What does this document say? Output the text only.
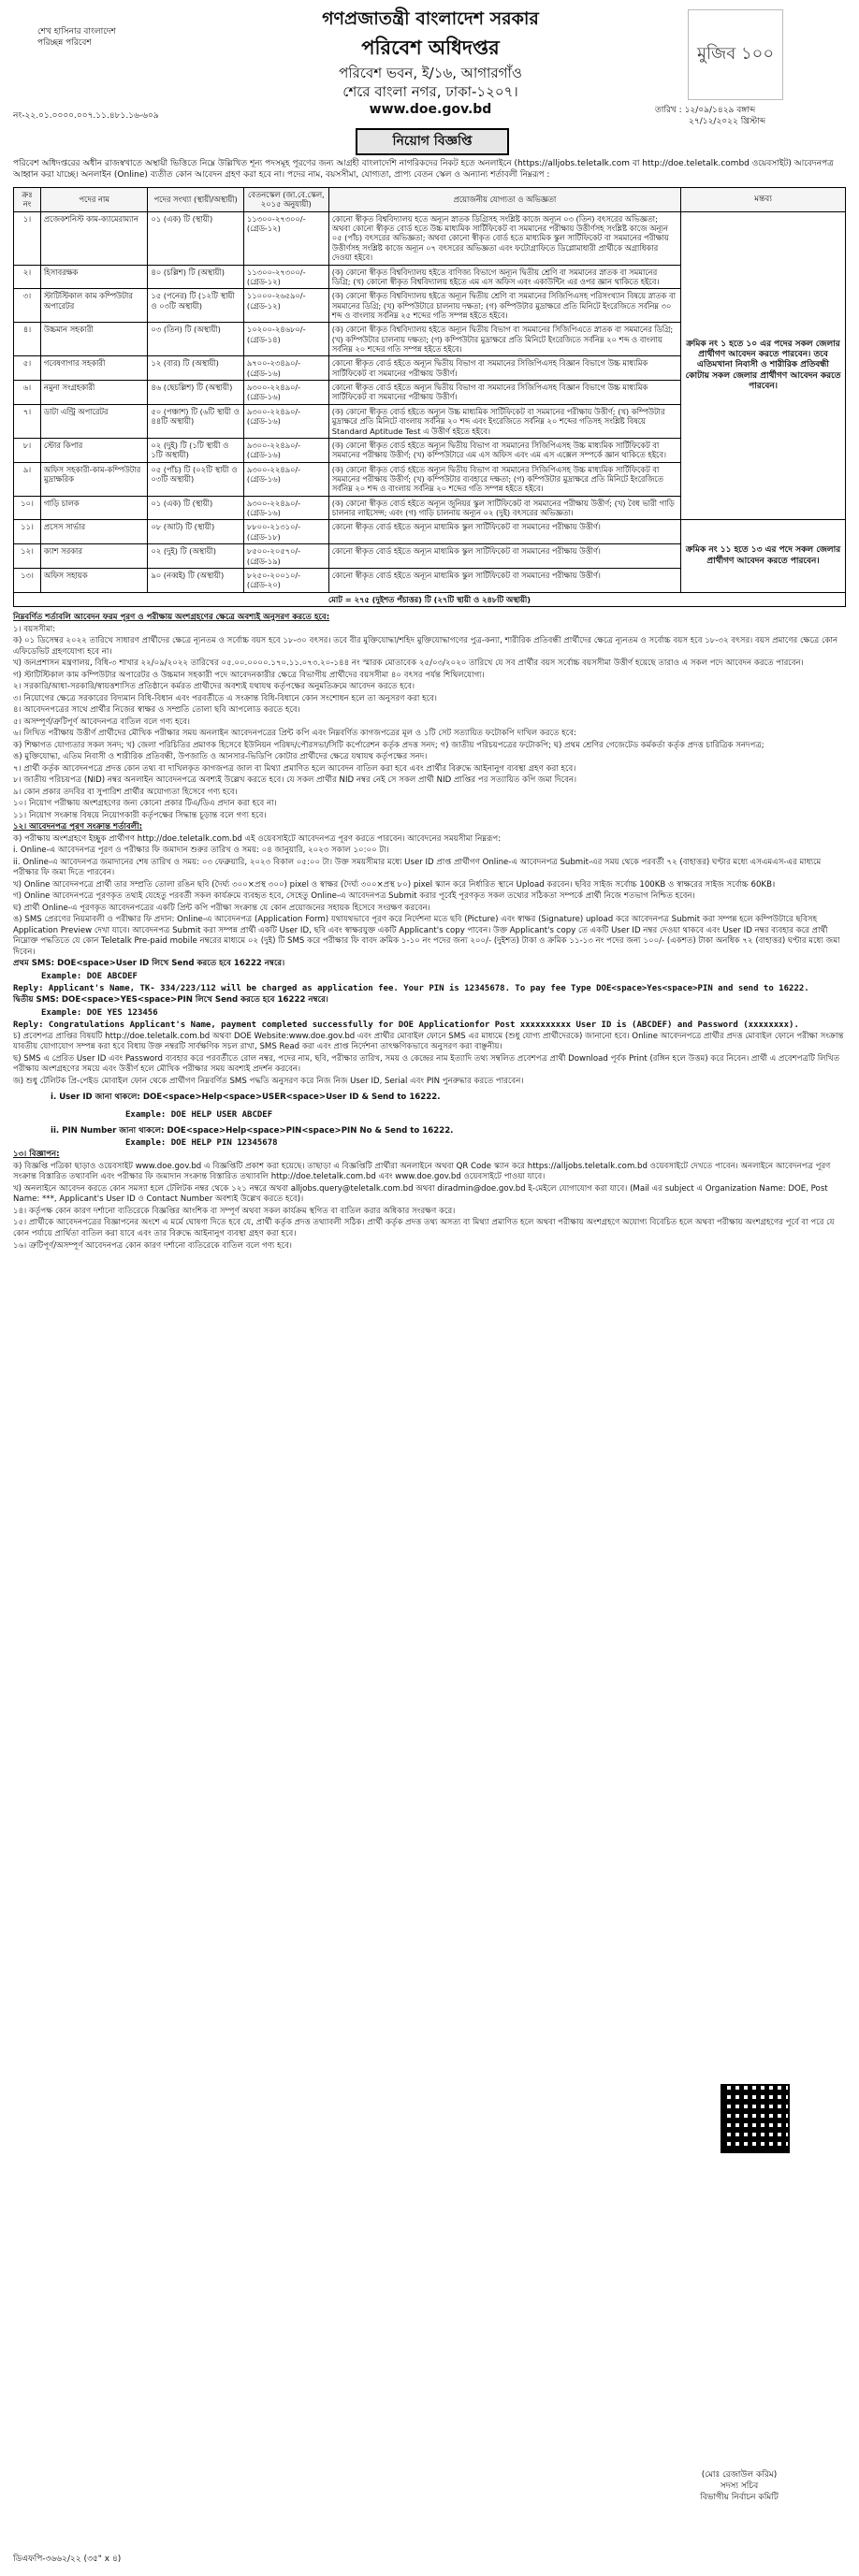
শেখ হাসিনার বাংলাদেশ পরিচ্ছন্ন পরিবেশ
গণপ্রজাতন্ত্রী বাংলাদেশ সরকার
পরিবেশ অধিদপ্তর
পরিবেশ ভবন, ই/১৬, আগারগাঁও
শেরে বাংলা নগর, ঢাকা-১২০৭।
www.doe.gov.bd
মুজিব ১০০
নং-২২.০১.০০০০.০০৭.১১.৪৮১.১৬-৬০৯
তারিখ :
১২/০৯/১৪২৯ বঙ্গাব্দ
২৭/১২/২০২২ খ্রিস্টাব্দ
নিয়োগ বিজ্ঞপ্তি
পরিবেশ অধিদপ্তরের অধীন রাজস্বখাতে অস্থায়ী ভিত্তিতে নিম্নে উল্লিখিত শূন্য পদসমূহ পূরণের জন্য আগ্রহী বাংলাদেশি নাগরিকদের নিকট হতে অনলাইনে (https://alljobs.teletalk.com বা http://doe.teletalk.combd ওয়েবসাইট) আবেদনপত্র আহ্বান করা যাচ্ছে। অনলাইন (Online) ব্যতীত কোন আবেদন গ্রহণ করা হবে না। পদের নাম, বয়সসীমা, যোগ্যতা, প্রাপ্য বেতন স্কেল ও অন্যান্য শর্তাবলী নিম্নরূপ :
ক্রঃ নং	পদের নাম	পদের সংখ্যা (স্থায়ী/অস্থায়ী)	বেতনস্কেল (জা.বে.স্কেল, ২০১৫ অনুযায়ী)	প্রয়োজনীয় যোগ্যতা ও অভিজ্ঞতা	মন্তব্য
১।	প্রজেকশনিস্ট কাম-ক্যামেরাম্যান	০১ (এক) টি (স্থায়ী)	১১৩০০-২৭৩০০/-(গ্রেড-১২)	কোনো স্বীকৃত বিশ্ববিদ্যালয় হতে অন্যূন স্নাতক ডিগ্রিসহ সংশ্লিষ্ট কাজে অন্যূন ০৩ (তিন) বৎসরের অভিজ্ঞতা; অথবা কোনো স্বীকৃত বোর্ড হতে উচ্চ মাধ্যমিক সার্টিফিকেট বা সমমানের পরীক্ষায় উত্তীর্ণসহ সংশ্লিষ্ট কাজে অন্যূন ০৫ (পাঁচ) বৎসরের অভিজ্ঞতা; অথবা কোনো স্বীকৃত বোর্ড হতে মাধ্যমিক স্কুল সার্টিফিকেট বা সমমানের পরীক্ষায় উত্তীর্ণসহ সংশ্লিষ্ট কাজে অন্যূন ০৭ বৎসরের অভিজ্ঞতা এবং ফটোগ্রাফিতে ডিপ্লোমাধারী প্রার্থীকে অগ্রাধিকার দেওয়া হইবে।	ক্রমিক নং ১ হতে ১০ এর পদের সকল জেলার প্রার্থীগণ আবেদন করতে পারবেন। তবে এতিমখানা নিবাসী ও শারীরিক প্রতিবন্ধী কোটায় সকল জেলার প্রার্থীগণ আবেদন করতে পারবেন।
২।	হিসাবরক্ষক	৪০ (চল্লিশ) টি (অস্থায়ী)	১১৩০০-২৭৩০০/-(গ্রেড-১২)	(ক) কোনো স্বীকৃত বিশ্ববিদ্যালয় হইতে বাণিজ্য বিভাগে অন্যূন দ্বিতীয় শ্রেণি বা সমমানের স্নাতক বা সমমানের ডিগ্রি; (খ) কোনো স্বীকৃত বিশ্ববিদ্যালয় হইতে এম এস অফিস এবং একাউন্টিং এর ওপর জ্ঞান থাকিতে হইবে।	
৩।	স্টাটিস্টিকাল কাম কম্পিউটার অপারেটর	১৫ (পনের) টি (১২টি স্থায়ী ও ০৩টি অস্থায়ী)	১১০০০-২৬৫৯০/-(গ্রেড-১২)	(ক) কোনো স্বীকৃত বিশ্ববিদ্যালয় হইতে অন্যূন দ্বিতীয় শ্রেণি বা সমমানের সিজিপিএসহ পরিসংখ্যান বিষয়ে স্নাতক বা সমমানের ডিগ্রি; (খ) কম্পিউটারে চালনায় দক্ষতা; (গ) কম্পিউটার মুদ্রাক্ষরে প্রতি মিনিটে ইংরেজিতে সর্বনিম্ন ৩০ শব্দ ও বাংলায় সর্বনিম্ন ২৫ শব্দের গতি সম্পন্ন হইতে হইবে।	
৪।	উচ্চমান সহকারী	০৩ (তিন) টি (অস্থায়ী)	১০২০০-২৪৬৮০/-(গ্রেড-১৪)	(ক) কোনো স্বীকৃত বিশ্ববিদ্যালয় হইতে অন্যূন দ্বিতীয় বিভাগ বা সমমানের সিজিপিএতে স্নাতক বা সমমানের ডিগ্রি; (খ) কম্পিউটার চালনায় দক্ষতা; (গ) কম্পিউটার মুদ্রাক্ষরে প্রতি মিনিটে ইংরেজিতে সর্বনিম্ন ২০ শব্দ ও বাংলায় সর্বনিম্ন ২০ শব্দের গতি সম্পন্ন হইতে হইবে।	
৫।	গবেষণাগার সহকারী	১২ (বার) টি (অস্থায়ী)	৯৭০০-২৩৪৯০/-(গ্রেড-১৬)	কোনো স্বীকৃত বোর্ড হইতে অন্যূন দ্বিতীয় বিভাগ বা সমমানের সিজিপিএসহ বিজ্ঞান বিভাগে উচ্চ মাধ্যমিক সার্টিফিকেট বা সমমানের পরীক্ষায় উত্তীর্ণ।	
৬।	নমুনা সংগ্রহকারী	৪৬ (ছেচল্লিশ) টি (অস্থায়ী)	৯৩০০-২২৪৯০/-(গ্রেড-১৬)	কোনো স্বীকৃত বোর্ড হইতে অন্যূন দ্বিতীয় বিভাগ বা সমমানের সিজিপিএসহ বিজ্ঞান বিভাগে উচ্চ মাধ্যমিক সার্টিফিকেট বা সমমানের পরীক্ষায় উত্তীর্ণ।	
৭।	ডাটা এন্ট্রি অপারেটর	৫০ (পঞ্চাশ) টি (৬টি স্থায়ী ও ৪৪টি অস্থায়ী)	৯৩০০-২২৪৯০/-(গ্রেড-১৬)	(ক) কোনো স্বীকৃত বোর্ড হইতে অন্যূন উচ্চ মাধ্যমিক সার্টিফিকেট বা সমমানের পরীক্ষায় উত্তীর্ণ; (খ) কম্পিউটার মুদ্রাক্ষরে প্রতি মিনিটে বাংলায় সর্বনিম্ন ২০ শব্দ এবং ইংরেজিতে সর্বনিম্ন ২০ শব্দের গতিসহ সংশ্লিষ্ট বিষয়ে Standard Aptitude Test এ উত্তীর্ণ হইতে হইবে।	
৮।	স্টোর কিপার	০২ (দুই) টি (১টি স্থায়ী ও ১টি অস্থায়ী)	৯৩০০-২২৪৯০/-(গ্রেড-১৬)	(ক) কোনো স্বীকৃত বোর্ড হইতে অন্যূন দ্বিতীয় বিভাগ বা সমমানের সিজিপিএসহ উচ্চ মাধ্যমিক সার্টিফিকেট বা সমমানের পরীক্ষায় উত্তীর্ণ; (খ) কম্পিউটারে এম এস অফিস এবং এম এস এক্সেল সম্পর্কে জ্ঞান থাকিতে হইবে।	
৯।	অফিস সহকারী-কাম-কম্পিউটার মুদ্রাক্ষরিক	০৫ (পাঁচ) টি (০২টি স্থায়ী ও ০৩টি অস্থায়ী)	৯৩০০-২২৪৯০/-(গ্রেড-১৬)	(ক) কোনো স্বীকৃত বোর্ড হইতে অন্যূন দ্বিতীয় বিভাগ বা সমমানের সিজিপিএসহ উচ্চ মাধ্যমিক সার্টিফিকেট বা সমমানের পরীক্ষায় উত্তীর্ণ; (খ) কম্পিউটার ব্যবহারে দক্ষতা; (গ) কম্পিউটার মুদ্রাক্ষরে প্রতি মিনিটে ইংরেজিতে সর্বনিম্ন ২০ শব্দ ও বাংলায় সর্বনিম্ন ২০ শব্দের গতি সম্পন্ন হইতে হইবে।	
১০।	গাড়ি চালক	০১ (এক) টি (স্থায়ী)	৯৩০০-২২৪৯০/-(গ্রেড-১৬)	(ক) কোনো স্বীকৃত বোর্ড হইতে অন্যূন জুনিয়র স্কুল সার্টিফিকেট বা সমমানের পরীক্ষায় উত্তীর্ণ; (খ) বৈধ ভারী গাড়ি চালনার লাইসেন্স; এবং (গ) গাড়ি চালনায় অন্যূন ০২ (দুই) বৎসরের অভিজ্ঞতা।	
১১।	প্রসেস সার্ভার	০৮ (আট) টি (স্থায়ী)	৮৮০০-২১৩১০/-(গ্রেড-১৮)	কোনো স্বীকৃত বোর্ড হইতে অন্যূন মাধ্যমিক স্কুল সার্টিফিকেট বা সমমানের পরীক্ষায় উত্তীর্ণ।	ক্রমিক নং ১১ হতে ১৩ এর পদে সকল জেলার প্রার্থীগণ আবেদন করতে পারবেন।
১২।	ক্যাশ সরকার	০২ (দুই) টি (অস্থায়ী)	৮৫০০-২০৫৭০/-(গ্রেড-১৯)	কোনো স্বীকৃত বোর্ড হইতে অন্যূন মাধ্যমিক স্কুল সার্টিফিকেট বা সমমানের পরীক্ষায় উত্তীর্ণ।	
১৩।	অফিস সহায়ক	৯০ (নব্বই) টি (অস্থায়ী)	৮২৫০-২০০১০/-(গ্রেড-২০)	কোনো স্বীকৃত বোর্ড হইতে অন্যূন মাধ্যমিক স্কুল সার্টিফিকেট বা সমমানের পরীক্ষায় উত্তীর্ণ।	
মোট = ২৭৫ (দুইশত পঁচাত্তর) টি (২৭টি স্থায়ী ও ২৪৮টি অস্থায়ী)					

নিম্নবর্ণিত শর্তাবলি আবেদন ফরম পূরণ ও পরীক্ষায় অংশগ্রহণের ক্ষেত্রে অবশ্যই অনুসরণ করতে হবে:

১। বয়সসীমা:

ক) ০১ ডিসেম্বর ২০২২ তারিখে সাধারণ প্রার্থীদের ক্ষেত্রে ন্যূনতম ও সর্বোচ্চ বয়স হবে ১৮-৩০ বৎসর। তবে বীর মুক্তিযোদ্ধা/শহিদ মুক্তিযোদ্ধাগণের পুত্র-কন্যা, শারীরিক প্রতিবন্ধী প্রার্থীদের ক্ষেত্রে ন্যূনতম ও সর্বোচ্চ বয়স হবে ১৮-৩২ বৎসর। বয়স প্রমাণের ক্ষেত্রে কোন এফিডেভিট গ্রহণযোগ্য হবে না।

খ) জনপ্রশাসন মন্ত্রণালয়, বিধি-৩ শাখার ২২/০৯/২০২২ তারিখের ০৫.০০.০০০০.১৭০.১১.০৭৩.২০-১৪৪ নং স্মারক মোতাবেক ২৫/০৩/২০২০ তারিখে যে সব প্রার্থীর বয়স সর্বোচ্চ বয়সসীমা উত্তীর্ণ হয়েছে তারাও এ সকল পদে আবেদন করতে পারবেন।

গ) স্টাটিস্টিকাল কাম কম্পিউটার অপারেটর ও উচ্চমান সহকারী পদে আবেদনকারীর ক্ষেত্রে বিভাগীয় প্রার্থীদের বয়সসীমা ৪০ বৎসর পর্যন্ত শিথিলযোগ্য।

২। সরকারি/আধা-সরকারি/স্বায়ত্তশাসিত প্রতিষ্ঠানে কর্মরত প্রার্থীদের অবশ্যই যথাযথ কর্তৃপক্ষের অনুমতিক্রমে আবেদন করতে হবে।

৩। নিয়োগের ক্ষেত্রে সরকারের বিদ্যমান বিধি-বিধান এবং পরবর্তীতে এ সংক্রান্ত বিধি-বিধানে কোন সংশোধন হলে তা অনুসরণ করা হবে।

৪। আবেদনপত্রের সাথে প্রার্থীর নিজের স্বাক্ষর ও সম্প্রতি তোলা ছবি আপলোড করতে হবে।

৫। অসম্পূর্ণ/ত্রুটিপূর্ণ আবেদনপত্র বাতিল বলে গণ্য হবে।

৬। লিখিত পরীক্ষায় উত্তীর্ণ প্রার্থীদের মৌখিক পরীক্ষার সময় অনলাইন আবেদনপত্রের প্রিন্ট কপি এবং নিম্নবর্ণিত কাগজপত্রের মূল ও ১টি সেট সত্যায়িত ফটোকপি দাখিল করতে হবে:

ক) শিক্ষাগত যোগ্যতার সকল সনদ; খ) জেলা পরিচিতির প্রমাণক হিসেবে ইউনিয়ন পরিষদ/পৌরসভা/সিটি কর্পোরেশন কর্তৃক প্রদত্ত সনদ; গ) জাতীয় পরিচয়পত্রের ফটোকপি; ঘ) প্রথম শ্রেণির গেজেটেড কর্মকর্তা কর্তৃক প্রদত্ত চারিত্রিক সনদপত্র;

ঙ) মুক্তিযোদ্ধা, এতিম নিবাসী ও শারীরিক প্রতিবন্ধী, উপজাতি ও আনসার-ভিডিপি কোটার প্রার্থীদের ক্ষেত্রে যথাযথ কর্তৃপক্ষের সনদ।

৭। প্রার্থী কর্তৃক আবেদনপত্রে প্রদত্ত কোন তথ্য বা দাখিলকৃত কাগজপত্র জাল বা মিথ্যা প্রমাণিত হলে আবেদন বাতিল করা হবে এবং প্রার্থীর বিরুদ্ধে আইনানুগ ব্যবস্থা গ্রহণ করা হবে।

৮। জাতীয় পরিচয়পত্র (NID) নম্বর অনলাইন আবেদনপত্রে অবশ্যই উল্লেখ করতে হবে। যে সকল প্রার্থীর NID নম্বর নেই সে সকল প্রার্থী NID প্রাপ্তির পর সত্যায়িত কপি জমা দিবেন।

৯। কোন প্রকার তদবির বা সুপারিশ প্রার্থীর অযোগ্যতা হিসেবে গণ্য হবে।

১০। নিয়োগ পরীক্ষায় অংশগ্রহণের জন্য কোনো প্রকার টিএ/ডিএ প্রদান করা হবে না।

১১। নিয়োগ সংক্রান্ত বিষয়ে নিয়োগকারী কর্তৃপক্ষের সিদ্ধান্ত চূড়ান্ত বলে গণ্য হবে।

১২। আবেদনপত্র পূরণ সংক্রান্ত শর্তাবলী:

ক) পরীক্ষায় অংশগ্রহণে ইচ্ছুক প্রার্থীগণ http://doe.teletalk.com.bd এই ওয়েবসাইটে আবেদনপত্র পূরণ করতে পারবেন। আবেদনের সময়সীমা নিম্নরূপ:

i. Online-এ আবেদনপত্র পূরণ ও পরীক্ষার ফি জমাদান শুরুর তারিখ ও সময়: ০৪ জানুয়ারি, ২০২৩ সকাল ১০:০০ টা।

ii. Online-এ আবেদনপত্র জমাদানের শেষ তারিখ ও সময়: ০৩ ফেব্রুয়ারি, ২০২৩ বিকাল ০৫:০০ টা। উক্ত সময়সীমার মধ্যে User ID প্রাপ্ত প্রার্থীগণ Online-এ আবেদনপত্র Submit-এর সময় থেকে পরবর্তী ৭২ (বাহাত্তর) ঘণ্টার মধ্যে এসএমএস-এর মাধ্যমে পরীক্ষার ফি জমা দিতে পারবেন।

খ) Online আবেদনপত্রে প্রার্থী তার সম্প্রতি তোলা রঙিন ছবি (দৈর্ঘ্য ৩০০×প্রস্থ ৩০০) pixel ও স্বাক্ষর (দৈর্ঘ্য ৩০০×প্রস্থ ৮০) pixel স্ক্যান করে নির্ধারিত স্থানে Upload করবেন। ছবির সাইজ সর্বোচ্চ 100KB ও স্বাক্ষরের সাইজ সর্বোচ্চ 60KB।

গ) Online আবেদনপত্রে পূরণকৃত তথ্যই যেহেতু পরবর্তী সকল কার্যক্রমে ব্যবহৃত হবে, সেহেতু Online-এ আবেদনপত্র Submit করার পূর্বেই পূরণকৃত সকল তথ্যের সঠিকতা সম্পর্কে প্রার্থী নিজে শতভাগ নিশ্চিত হবেন।

ঘ) প্রার্থী Online-এ পূরণকৃত আবেদনপত্রের একটি প্রিন্ট কপি পরীক্ষা সংক্রান্ত যে কোন প্রয়োজনের সহায়ক হিসেবে সংরক্ষণ করবেন।

ঙ) SMS প্রেরণের নিয়মাবলী ও পরীক্ষার ফি প্রদান: Online-এ আবেদনপত্র (Application Form) যথাযথভাবে পূরণ করে নির্দেশনা মতে ছবি (Picture) এবং স্বাক্ষর (Signature) upload করে আবেদনপত্র Submit করা সম্পন্ন হলে কম্পিউটারে ছবিসহ Application Preview দেখা যাবে। আবেদনপত্র Submit করা সম্পন্ন প্রার্থী একটি User ID, ছবি এবং স্বাক্ষরযুক্ত একটি Applicant's copy পাবেন। উক্ত Applicant's copy তে একটি User ID নম্বর দেওয়া থাকবে এবং User ID নম্বর ব্যবহার করে প্রার্থী নিম্নোক্ত পদ্ধতিতে যে কোন Teletalk Pre-paid mobile নম্বরের মাধ্যমে ০২ (দুই) টি SMS করে পরীক্ষার ফি বাবদ ক্রমিক ১-১০ নং পদের জন্য ২০০/- (দুইশত) টাকা ও ক্রমিক ১১-১৩ নং পদের জন্য ১০০/- (একশত) টাকা অনধিক ৭২ (বাহাত্তর) ঘণ্টার মধ্যে জমা দিবেন।

প্রথম SMS: DOE<space>User ID লিখে Send করতে হবে 16222 নম্বরে।

Example: DOE ABCDEF

Reply: Applicant's Name, TK- 334/223/112 will be charged as application fee. Your PIN is 12345678. To pay fee Type DOE<space>Yes<space>PIN and send to 16222.

দ্বিতীয় SMS: DOE<space>YES<space>PIN লিখে Send করতে হবে 16222 নম্বরে।

Example: DOE YES 123456

Reply: Congratulations Applicant's Name, payment completed successfully for DOE Applicationfor Post xxxxxxxxxx User ID is (ABCDEF) and Password (xxxxxxxx).

চ) প্রবেশপত্র প্রাপ্তির বিষয়টি http://doe.teletalk.com.bd অথবা DOE Website:www.doe.gov.bd এবং প্রার্থীর মোবাইল ফোনে SMS এর মাধ্যমে (শুধু যোগ্য প্রার্থীদেরকে) জানানো হবে। Online আবেদনপত্রে প্রার্থীর প্রদত্ত মোবাইল ফোনে পরীক্ষা সংক্রান্ত যাবতীয় যোগাযোগ সম্পন্ন করা হবে বিধায় উক্ত নম্বরটি সার্বক্ষণিক সচল রাখা, SMS Read করা এবং প্রাপ্ত নির্দেশনা তাৎক্ষণিকভাবে অনুসরণ করা বাঞ্ছনীয়।

ছ) SMS এ প্রেরিত User ID এবং Password ব্যবহার করে পরবর্তীতে রোল নম্বর, পদের নাম, ছবি, পরীক্ষার তারিখ, সময় ও কেন্দ্রের নাম ইত্যাদি তথ্য সম্বলিত প্রবেশপত্র প্রার্থী Download পূর্বক Print (রঙ্গিন হলে উত্তম) করে নিবেন। প্রার্থী এ প্রবেশপত্রটি লিখিত পরীক্ষায় অংশগ্রহণের সময়ে এবং উত্তীর্ণ হলে মৌখিক পরীক্ষার সময় অবশ্যই প্রদর্শন করবেন।

জ) শুধু টেলিটক প্রি-পেইড মোবাইল ফোন থেকে প্রার্থীগণ নিম্নবর্ণিত SMS পদ্ধতি অনুসরণ করে নিজ নিজ User ID, Serial এবং PIN পুনরুদ্ধার করতে পারবেন।

i. User ID জানা থাকলে: DOE<space>Help<space>USER<space>User ID & Send to 16222.

Example: DOE HELP USER ABCDEF

ii. PIN Number জানা থাকলে: DOE<space>Help<space>PIN<space>PIN No & Send to 16222.

Example: DOE HELP PIN 12345678

১৩। বিজ্ঞাপন:

ক) বিজ্ঞপ্তি পত্রিকা ছাড়াও ওয়েবসাইট www.doe.gov.bd এ বিজ্ঞপ্তিটি প্রকাশ করা হয়েছে। তাছাড়া এ বিজ্ঞপ্তিটি প্রার্থীরা অনলাইনে অথবা QR Code স্ক্যান করে https://alljobs.teletalk.com.bd ওয়েবসাইটে দেখতে পাবেন। অনলাইনে আবেদনপত্র পূরণ সংক্রান্ত বিস্তারিত তথ্যাবলি এবং পরীক্ষার ফি জমাদান সংক্রান্ত বিস্তারিত তথ্যাবলি http://doe.teletalk.com.bd এবং www.doe.gov.bd ওয়েবসাইটে পাওয়া যাবে।

খ) অনলাইনে আবেদন করতে কোন সমস্যা হলে টেলিটক নম্বর থেকে ১২১ নম্বরে অথবা alljobs.query@teletalk.com.bd অথবা diradmin@doe.gov.bd ই-মেইলে যোগাযোগ করা যাবে। (Mail এর subject এ Organization Name: DOE, Post Name: ***, Applicant's User ID ও Contact Number অবশ্যই উল্লেখ করতে হবে)।

১৪। কর্তৃপক্ষ কোন কারণ দর্শানো ব্যতিরেকে বিজ্ঞপ্তির আংশিক বা সম্পূর্ণ অথবা সকল কার্যক্রম স্থগিত বা বাতিল করার অধিকার সংরক্ষণ করে।

১৫। প্রার্থীকে আবেদনপত্রের বিজ্ঞাপনের অংশে এ মর্মে ঘোষণা দিতে হবে যে, প্রার্থী কর্তৃক প্রদত্ত তথ্যাবলী সঠিক। প্রার্থী কর্তৃক প্রদত্ত তথ্য অসত্য বা মিথ্যা প্রমাণিত হলে অথবা পরীক্ষায় অংশগ্রহণে অযোগ্য বিবেচিত হলে অথবা পরীক্ষায় অংশগ্রহণের পূর্বে বা পরে যে কোন পর্যায়ে প্রার্থিতা বাতিল করা যাবে এবং তার বিরুদ্ধে আইনানুগ ব্যবস্থা গ্রহণ করা হবে।

১৬। ত্রুটিপূর্ণ/অসম্পূর্ণ আবেদনপত্র কোন কারণ দর্শানো ব্যতিরেকে বাতিল বলে গণ্য হবে।

(মোঃ রেজাউল করিম)
সদস্য সচিব
বিভাগীয় নির্বাচন কমিটি
ডিএফপি-৩৬৬২/২২ (৩৫" x ৪)
